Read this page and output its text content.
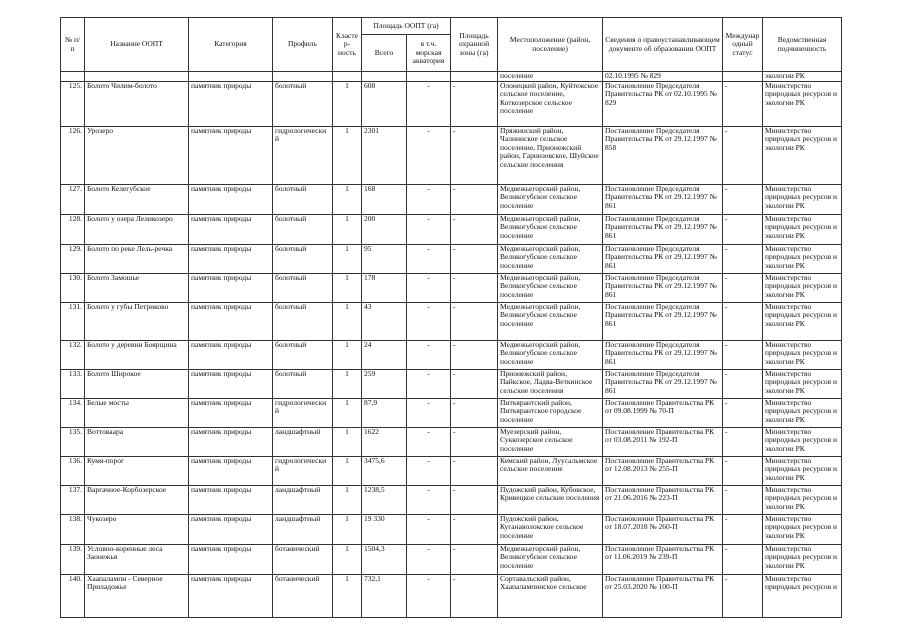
№ п/п	Название ООПТ	Категория	Профиль	Кластер-ность	Площадь ООПТ (га)		Площадь охранной зоны (га)	Местоположение (район, поселение)	Сведения о правоустанавливающем документе об образовании ООПТ	Международный статус	Ведомственная подчиненность
					Всего	в т.ч. морская акватория					
								поселение	02.10.1995 № 829		экологии РК
125.	Болото Чилим-болото	памятник природы	болотный	1	608	-	-	Олонецкий район, Куйтежское сельское поселение, Коткозерское сельское поселение	Постановление Председателя Правительства РК от 02.10.1995 № 829	-	Министерство природных ресурсов и экологии РК
126.	Урозеро	памятник природы	гидрологический	1	2301	-	-	Пряжинский район, Чалнинское сельское поселение, Прионежский район, Гарнизовское, Шуйское сельские поселения	Постановление Председателя Правительства РК от 29.12.1997 № 858	-	Министерство природных ресурсов и экологии РК
127.	Болото Келегубское	памятник природы	болотный	1	168	-	-	Медвежьегорский район, Великогубское сельское поселение	Постановление Председателя Правительства РК от 29.12.1997 № 861	-	Министерство природных ресурсов и экологии РК
128.	Болото у озера Леликозеро	памятник природы	болотный	1	200	-	-	Медвежьегорский район, Великогубское сельское поселение	Постановление Председателя Правительства РК от 29.12.1997 № 861	-	Министерство природных ресурсов и экологии РК
129.	Болото по реке Лель-речка	памятник природы	болотный	1	95	-	-	Медвежьегорский район, Великогубское сельское поселение	Постановление Председателя Правительства РК от 29.12.1997 № 861	-	Министерство природных ресурсов и экологии РК
130.	Болото Замошье	памятник природы	болотный	1	178	-	-	Медвежьегорский район, Великогубское сельское поселение	Постановление Председателя Правительства РК от 29.12.1997 № 861	-	Министерство природных ресурсов и экологии РК
131.	Болото у губы Петриково	памятник природы	болотный	1	43	-	-	Медвежьегорский район, Великогубское сельское поселение	Постановление Председателя Правительства РК от 29.12.1997 № 861	-	Министерство природных ресурсов и экологии РК
132.	Болото у деревни Боярщина	памятник природы	болотный	1	24	-	-	Медвежьегорский район, Великогубское сельское поселение	Постановление Председателя Правительства РК от 29.12.1997 № 861	-	Министерство природных ресурсов и экологии РК
133.	Болото Широкое	памятник природы	болотный	1	259	-	-	Прионежский район, Пайкское, Ладва-Веткинское сельские поселения	Постановление Председателя Правительства РК от 29.12.1997 № 861	-	Министерство природных ресурсов и экологии РК
134.	Белые мосты	памятник природы	гидрологический	1	87,9	-	-	Питкярантский район, Питкярантское городское поселение	Постановление Правительства РК от 09.08.1999 № 70-П	-	Министерство природных ресурсов и экологии РК
135.	Воттоваара	памятник природы	ландшафтный	1	1622	-	-	Муезерский район, Суккозерское сельское поселение	Постановление Правительства РК от 03.08.2011 № 192-П	-	Министерство природных ресурсов и экологии РК
136.	Кумя-порог	памятник природы	гидрологический	1	3475,6	-	-	Кемский район, Луусальмское сельское поселение	Постановление Правительства РК от 12.08.2013 № 255-П	-	Министерство природных ресурсов и экологии РК
137.	Варгачное-Корбозерское	памятник природы	ландшафтный	1	1238,5	-	-	Пудожский район, Кубовское, Кривецкое сельские поселения	Постановление Правительства РК от 21.06.2016 № 223-П	-	Министерство природных ресурсов и экологии РК
138.	Чукозеро	памятник природы	ландшафтный	1	19 330	-	-	Пудожский район, Куганаволокское сельское поселение	Постановление Правительства РК от 18.07.2018 № 260-П	-	Министерство природных ресурсов и экологии РК
139.	Условно-коренные леса Заонежья	памятник природы	ботанический	1	1504,3	-	-	Медвежьегорский район, Великогубское сельское поселение	Постановление Правительства РК от 11.06.2019 № 239-П	-	Министерство природных ресурсов и экологии РК
140.	Хаапалампи - Северное Приладожье	памятник природы	ботанический	1	732,1	-	-	Сортавальский район, Хаапалампинское сельское	Постановление Правительства РК от 25.03.2020 № 100-П	-	Министерство природных ресурсов и
